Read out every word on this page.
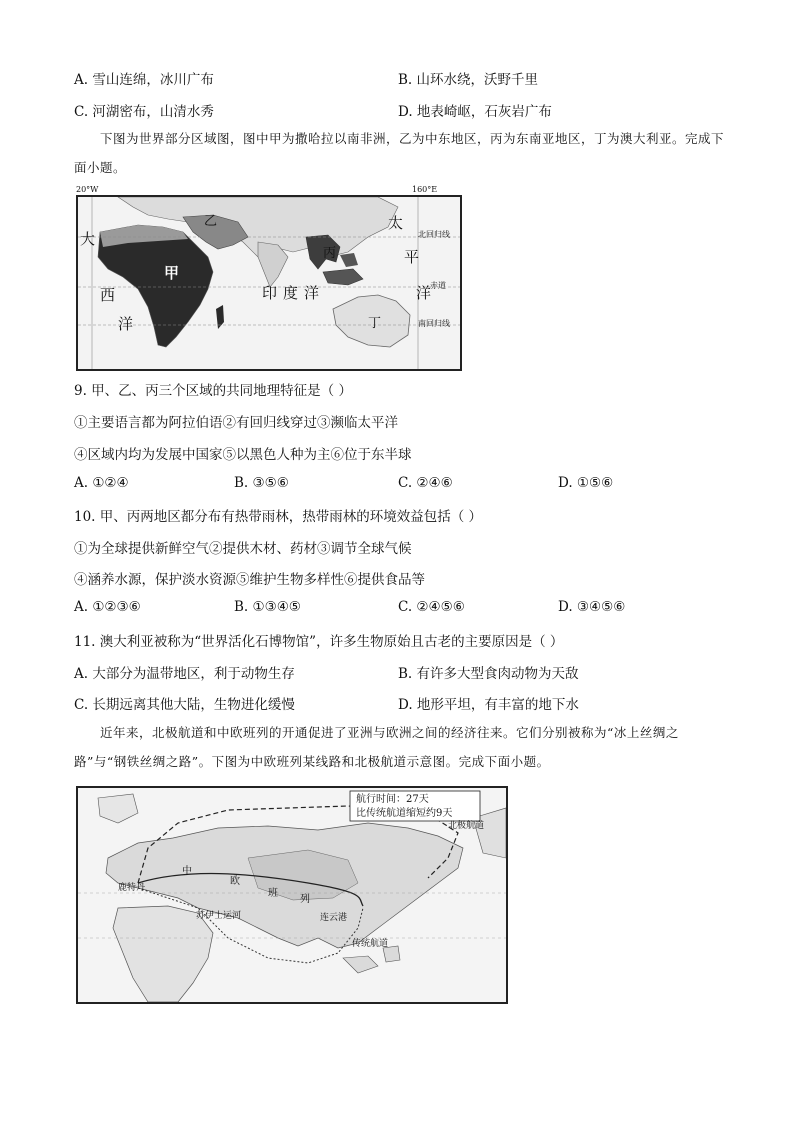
A. 雪山连绵，冰川广布	B. 山环水绕，沃野千里
C. 河湖密布，山清水秀	D. 地表崎岖，石灰岩广布
下图为世界部分区域图，图中甲为撒哈拉以南非洲，乙为中东地区，丙为东南亚地区，丁为澳大利亚。完成下面小题。
20°W	160°E
大
西
洋
甲
乙
丙
印度洋
丁
太
平
洋
北回归线
赤道
南回归线
9. 甲、乙、丙三个区域的共同地理特征是（ ）
①主要语言都为阿拉伯语②有回归线穿过③濒临太平洋
④区域内均为发展中国家⑤以黑色人种为主⑥位于东半球
A. ①②④	B. ③⑤⑥	C. ②④⑥	D. ①⑤⑥
10. 甲、丙两地区都分布有热带雨林，热带雨林的环境效益包括（ ）
①为全球提供新鲜空气②提供木材、药材③调节全球气候
④涵养水源，保护淡水资源⑤维护生物多样性⑥提供食品等
A. ①②③⑥	B. ①③④⑤	C. ②④⑤⑥	D. ③④⑤⑥
11. 澳大利亚被称为“世界活化石博物馆”，许多生物原始且古老的主要原因是（ ）
A. 大部分为温带地区，利于动物生存	B. 有许多大型食肉动物为天敌
C. 长期远离其他大陆，生物进化缓慢	D. 地形平坦，有丰富的地下水
近年来，北极航道和中欧班列的开通促进了亚洲与欧洲之间的经济往来。它们分别被称为“冰上丝绸之路”与“钢铁丝绸之路”。下图为中欧班列某线路和北极航道示意图。完成下面小题。
航行时间：27天
比传统航道缩短约9天
北极航道
鹿特丹
中
欧
班
列
苏伊士运河	连云港
传统航道
